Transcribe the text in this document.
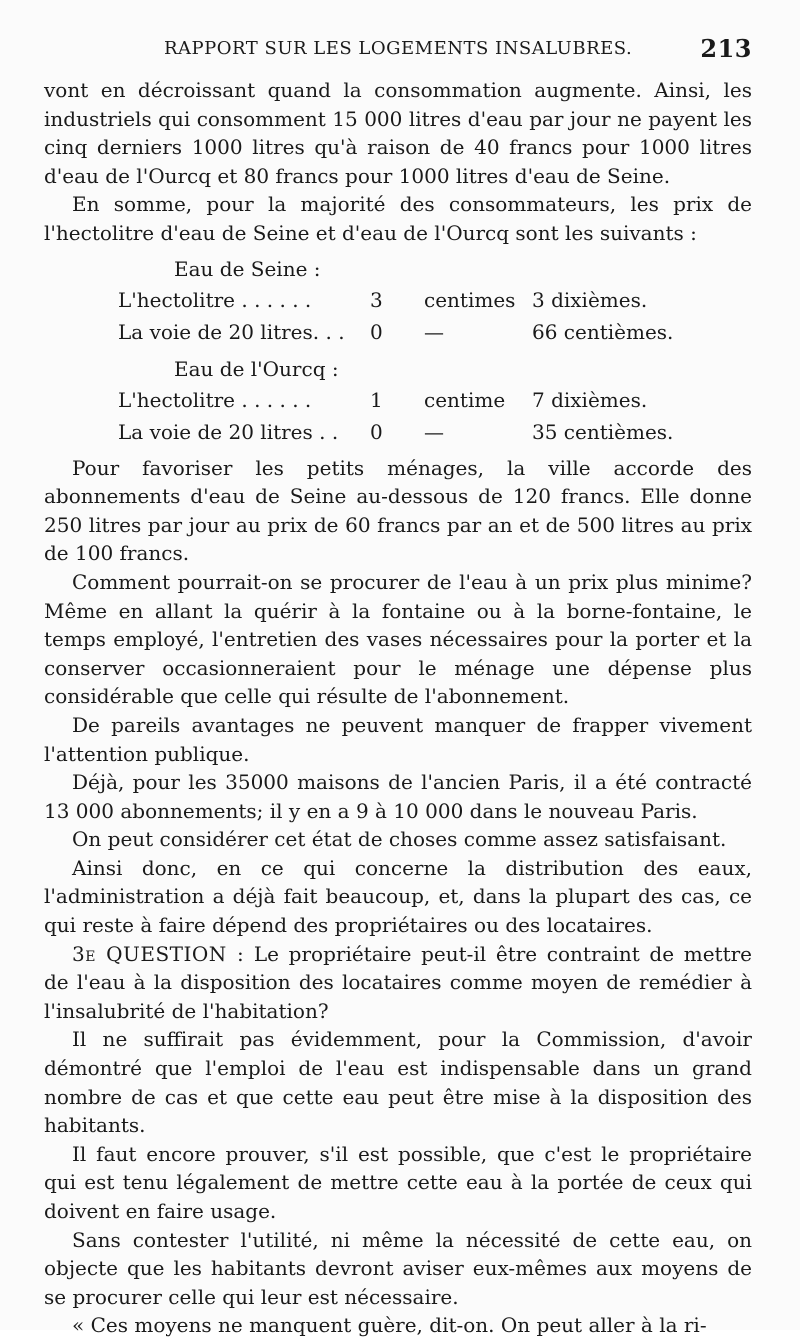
RAPPORT SUR LES LOGEMENTS INSALUBRES.	213

vont en décroissant quand la consommation augmente. Ainsi, les industriels qui consomment 15 000 litres d'eau par jour ne payent les cinq derniers 1000 litres qu'à raison de 40 francs pour 1000 litres d'eau de l'Ourcq et 80 francs pour 1000 litres d'eau de Seine.

En somme, pour la majorité des consommateurs, les prix de l'hectolitre d'eau de Seine et d'eau de l'Ourcq sont les suivants :

Eau de Seine :
L'hectolitre . . . . . .	3 centimes 3 dixièmes.
La voie de 20 litres. . . 0 —	66 centièmes.
Eau de l'Ourcq :
L'hectolitre . . . . . .	1 centime 7 dixièmes.
La voie de 20 litres . . 0 —	35 centièmes.

Pour favoriser les petits ménages, la ville accorde des abonnements d'eau de Seine au-dessous de 120 francs. Elle donne 250 litres par jour au prix de 60 francs par an et de 500 litres au prix de 100 francs.

Comment pourrait-on se procurer de l'eau à un prix plus minime? Même en allant la quérir à la fontaine ou à la borne-fontaine, le temps employé, l'entretien des vases nécessaires pour la porter et la conserver occasionneraient pour le ménage une dépense plus considérable que celle qui résulte de l'abonnement.

De pareils avantages ne peuvent manquer de frapper vivement l'attention publique.

Déjà, pour les 35000 maisons de l'ancien Paris, il a été contracté 13 000 abonnements; il y en a 9 à 10 000 dans le nouveau Paris.

On peut considérer cet état de choses comme assez satisfaisant.

Ainsi donc, en ce qui concerne la distribution des eaux, l'administration a déjà fait beaucoup, et, dans la plupart des cas, ce qui reste à faire dépend des propriétaires ou des locataires.

3e QUESTION : Le propriétaire peut-il être contraint de mettre de l'eau à la disposition des locataires comme moyen de remédier à l'insalubrité de l'habitation?

Il ne suffirait pas évidemment, pour la Commission, d'avoir démontré que l'emploi de l'eau est indispensable dans un grand nombre de cas et que cette eau peut être mise à la disposition des habitants.

Il faut encore prouver, s'il est possible, que c'est le propriétaire qui est tenu légalement de mettre cette eau à la portée de ceux qui doivent en faire usage.

Sans contester l'utilité, ni même la nécessité de cette eau, on objecte que les habitants devront aviser eux-mêmes aux moyens de se procurer celle qui leur est nécessaire.

« Ces moyens ne manquent guère, dit-on. On peut aller à la ri-
